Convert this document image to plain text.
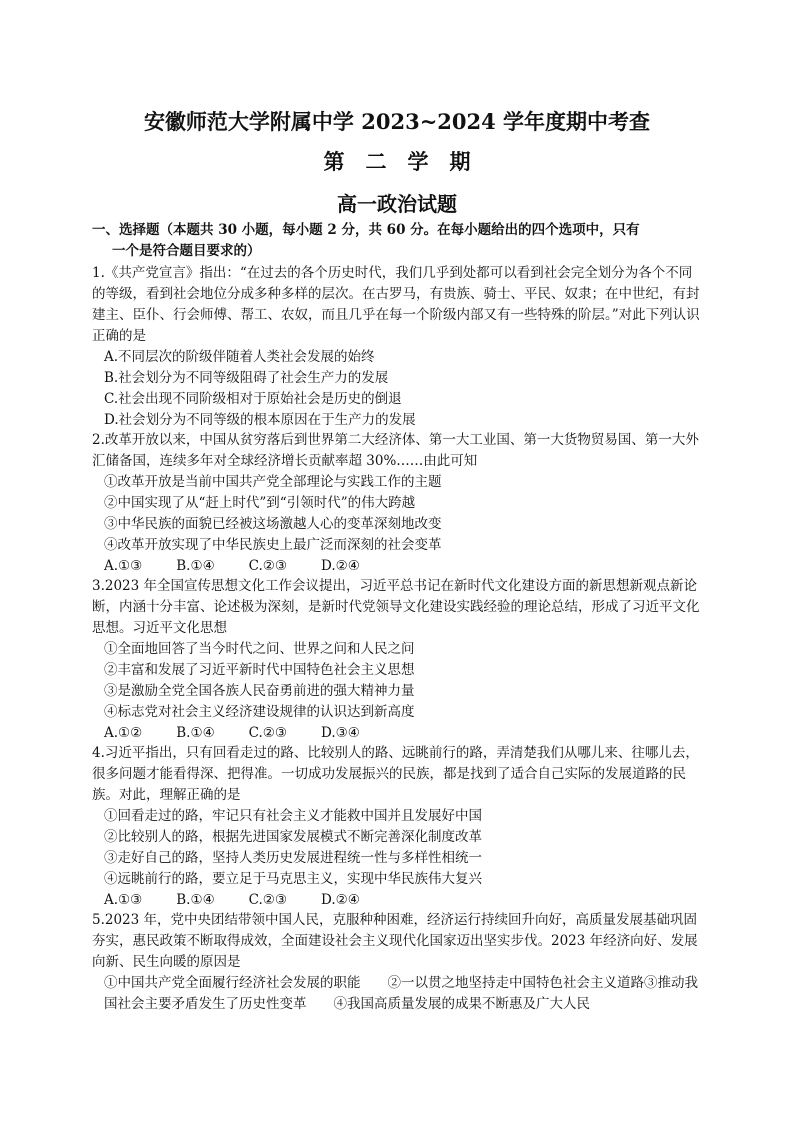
安徽师范大学附属中学 2023~2024 学年度期中考查
第　二　学　期
高一政治试题
一、选择题（本题共 30 小题，每小题 2 分，共 60 分。在每小题给出的四个选项中，只有
一个是符合题目要求的）
1.《共产党宣言》指出：“在过去的各个历史时代，我们几乎到处都可以看到社会完全划分为各个不同的等级，看到社会地位分成多种多样的层次。在古罗马，有贵族、骑士、平民、奴隶；在中世纪，有封建主、臣仆、行会师傅、帮工、农奴，而且几乎在每一个阶级内部又有一些特殊的阶层。”对此下列认识正确的是
A.不同层次的阶级伴随着人类社会发展的始终
B.社会划分为不同等级阻碍了社会生产力的发展
C.社会出现不同阶级相对于原始社会是历史的倒退
D.社会划分为不同等级的根本原因在于生产力的发展
2.改革开放以来，中国从贫穷落后到世界第二大经济体、第一大工业国、第一大货物贸易国、第一大外汇储备国，连续多年对全球经济增长贡献率超 30%……由此可知
①改革开放是当前中国共产党全部理论与实践工作的主题
②中国实现了从“赶上时代”到“引领时代”的伟大跨越
③中华民族的面貌已经被这场激越人心的变革深刻地改变
④改革开放实现了中华民族史上最广泛而深刻的社会变革
A.①③	B.①④	C.②③	D.②④
3.2023 年全国宣传思想文化工作会议提出，习近平总书记在新时代文化建设方面的新思想新观点新论断，内涵十分丰富、论述极为深刻，是新时代党领导文化建设实践经验的理论总结，形成了习近平文化思想。习近平文化思想
①全面地回答了当今时代之问、世界之问和人民之问
②丰富和发展了习近平新时代中国特色社会主义思想
③是激励全党全国各族人民奋勇前进的强大精神力量
④标志党对社会主义经济建设规律的认识达到新高度
A.①②	B.①④	C.②③	D.③④
4.习近平指出，只有回看走过的路、比较别人的路、远眺前行的路，弄清楚我们从哪儿来、往哪儿去，很多问题才能看得深、把得准。一切成功发展振兴的民族，都是找到了适合自己实际的发展道路的民族。对此，理解正确的是
①回看走过的路，牢记只有社会主义才能救中国并且发展好中国
②比较别人的路，根据先进国家发展模式不断完善深化制度改革
③走好自己的路，坚持人类历史发展进程统一性与多样性相统一
④远眺前行的路，要立足于马克思主义，实现中华民族伟大复兴
A.①③	B.①④	C.②③	D.②④
5.2023 年，党中央团结带领中国人民，克服种种困难，经济运行持续回升向好，高质量发展基础巩固夯实，惠民政策不断取得成效，全面建设社会主义现代化国家迈出坚实步伐。2023 年经济向好、发展向新、民生向暖的原因是
①中国共产党全面履行经济社会发展的职能　　②一以贯之地坚持走中国特色社会主义道路③推动我国社会主要矛盾发生了历史性变革　　④我国高质量发展的成果不断惠及广大人民
